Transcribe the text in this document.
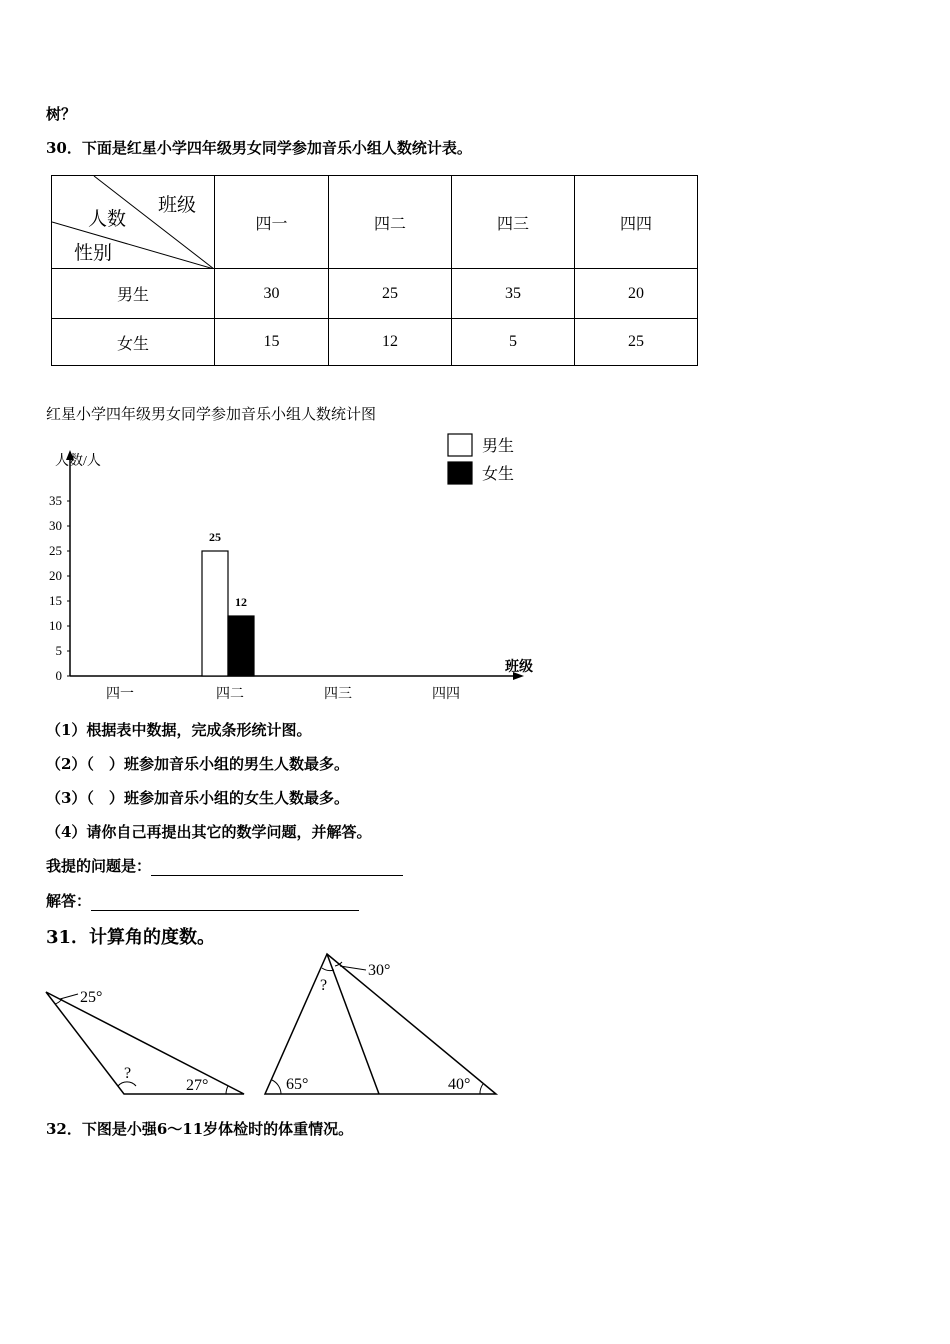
树？
30．下面是红星小学四年级男女同学参加音乐小组人数统计表。
班级
人数
性别	四一	四二	四三	四四
男生	30	25	35	20
女生	15	12	5	25
红星小学四年级男女同学参加音乐小组人数统计图
人数/人
班级
0
5
10
15
20
25
30
35
四一	四二	四三	四四
25
12
男生
女生
（1）根据表中数据，完成条形统计图。
（2）（　）班参加音乐小组的男生人数最多。
（3）（　）班参加音乐小组的女生人数最多。
（4）请你自己再提出其它的数学问题，并解答。
我提的问题是：
解答：
31．计算角的度数。
25°
?
27°
30°
?
65°	40°
32．下图是小强6～11岁体检时的体重情况。
